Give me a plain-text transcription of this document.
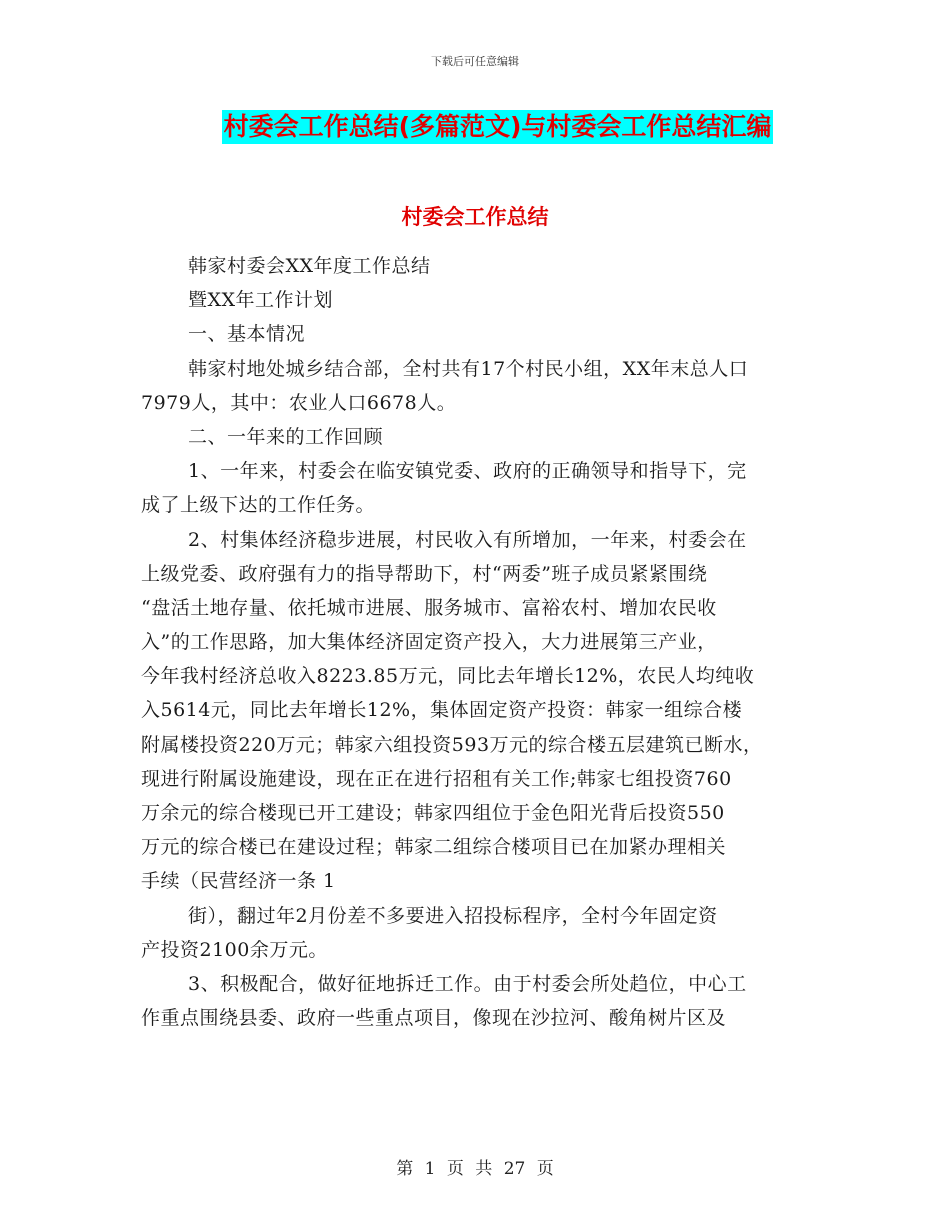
下载后可任意编辑
村委会工作总结(多篇范文)与村委会工作总结汇编
村委会工作总结
韩家村委会XX年度工作总结
暨XX年工作计划
一、基本情况
韩家村地处城乡结合部，全村共有17个村民小组，XX年末总人口
7979人，其中：农业人口6678人。
二、一年来的工作回顾
1、一年来，村委会在临安镇党委、政府的正确领导和指导下，完
成了上级下达的工作任务。
2、村集体经济稳步进展，村民收入有所增加，一年来，村委会在
上级党委、政府强有力的指导帮助下，村“两委”班子成员紧紧围绕
“盘活土地存量、依托城市进展、服务城市、富裕农村、增加农民收
入”的工作思路，加大集体经济固定资产投入，大力进展第三产业，
今年我村经济总收入8223.85万元，同比去年增长12%，农民人均纯收
入5614元，同比去年增长12%，集体固定资产投资：韩家一组综合楼
附属楼投资220万元；韩家六组投资593万元的综合楼五层建筑已断水，
现进行附属设施建设，现在正在进行招租有关工作;韩家七组投资760
万余元的综合楼现已开工建设；韩家四组位于金色阳光背后投资550
万元的综合楼已在建设过程；韩家二组综合楼项目已在加紧办理相关
手续（民营经济一条 1
街），翻过年2月份差不多要进入招投标程序，全村今年固定资
产投资2100余万元。
3、积极配合，做好征地拆迁工作。由于村委会所处趋位，中心工
作重点围绕县委、政府一些重点项目，像现在沙拉河、酸角树片区及
第 1 页 共 27 页
